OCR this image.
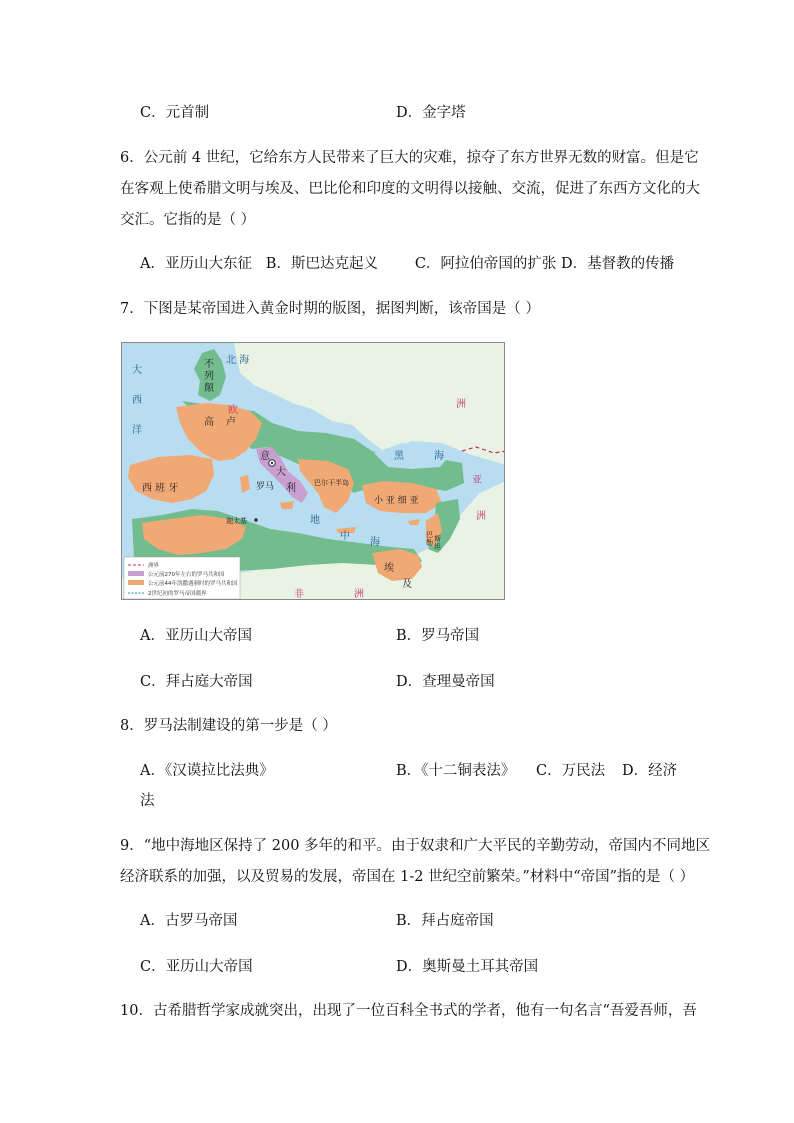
C．元首制	D．金字塔
6．公元前 4 世纪，它给东方人民带来了巨大的灾难，掠夺了东方世界无数的财富。但是它
在客观上使希腊文明与埃及、巴比伦和印度的文明得以接触、交流，促进了东西方文化的大
交汇。它指的是（ ）
A．亚历山大东征   B．斯巴达克起义        C．阿拉伯帝国的扩张 D．基督教的传播
7．下图是某帝国进入黄金时期的版图，据图判断，该帝国是（ ）
大
西
洋
北 海
黑	海
地
中
海
欧
洲
亚
洲
非	洲
不
列
颠
高 卢
意
大
利
罗马
西 班 牙	巴尔干半岛
小 亚 细 亚
迦太基
巴
勒 斯
坦
埃
及
洲界
公元前270年左右的罗马共和国
公元前44年凯撒遇刺时的罗马共和国
2世纪初的罗马帝国疆界
A．亚历山大帝国	B．罗马帝国
C．拜占庭大帝国	D．查理曼帝国
8．罗马法制建设的第一步是（ ）
A．《汉谟拉比法典》	B．《十二铜表法》 C．万民法 D．经济
法
9．“地中海地区保持了 200 多年的和平。由于奴隶和广大平民的辛勤劳动，帝国内不同地区
经济联系的加强，以及贸易的发展，帝国在 1-2 世纪空前繁荣。”材料中“帝国”指的是（ ）
A．古罗马帝国	B．拜占庭帝国
C．亚历山大帝国	D．奥斯曼土耳其帝国
10．古希腊哲学家成就突出，出现了一位百科全书式的学者，他有一句名言“吾爱吾师，吾
